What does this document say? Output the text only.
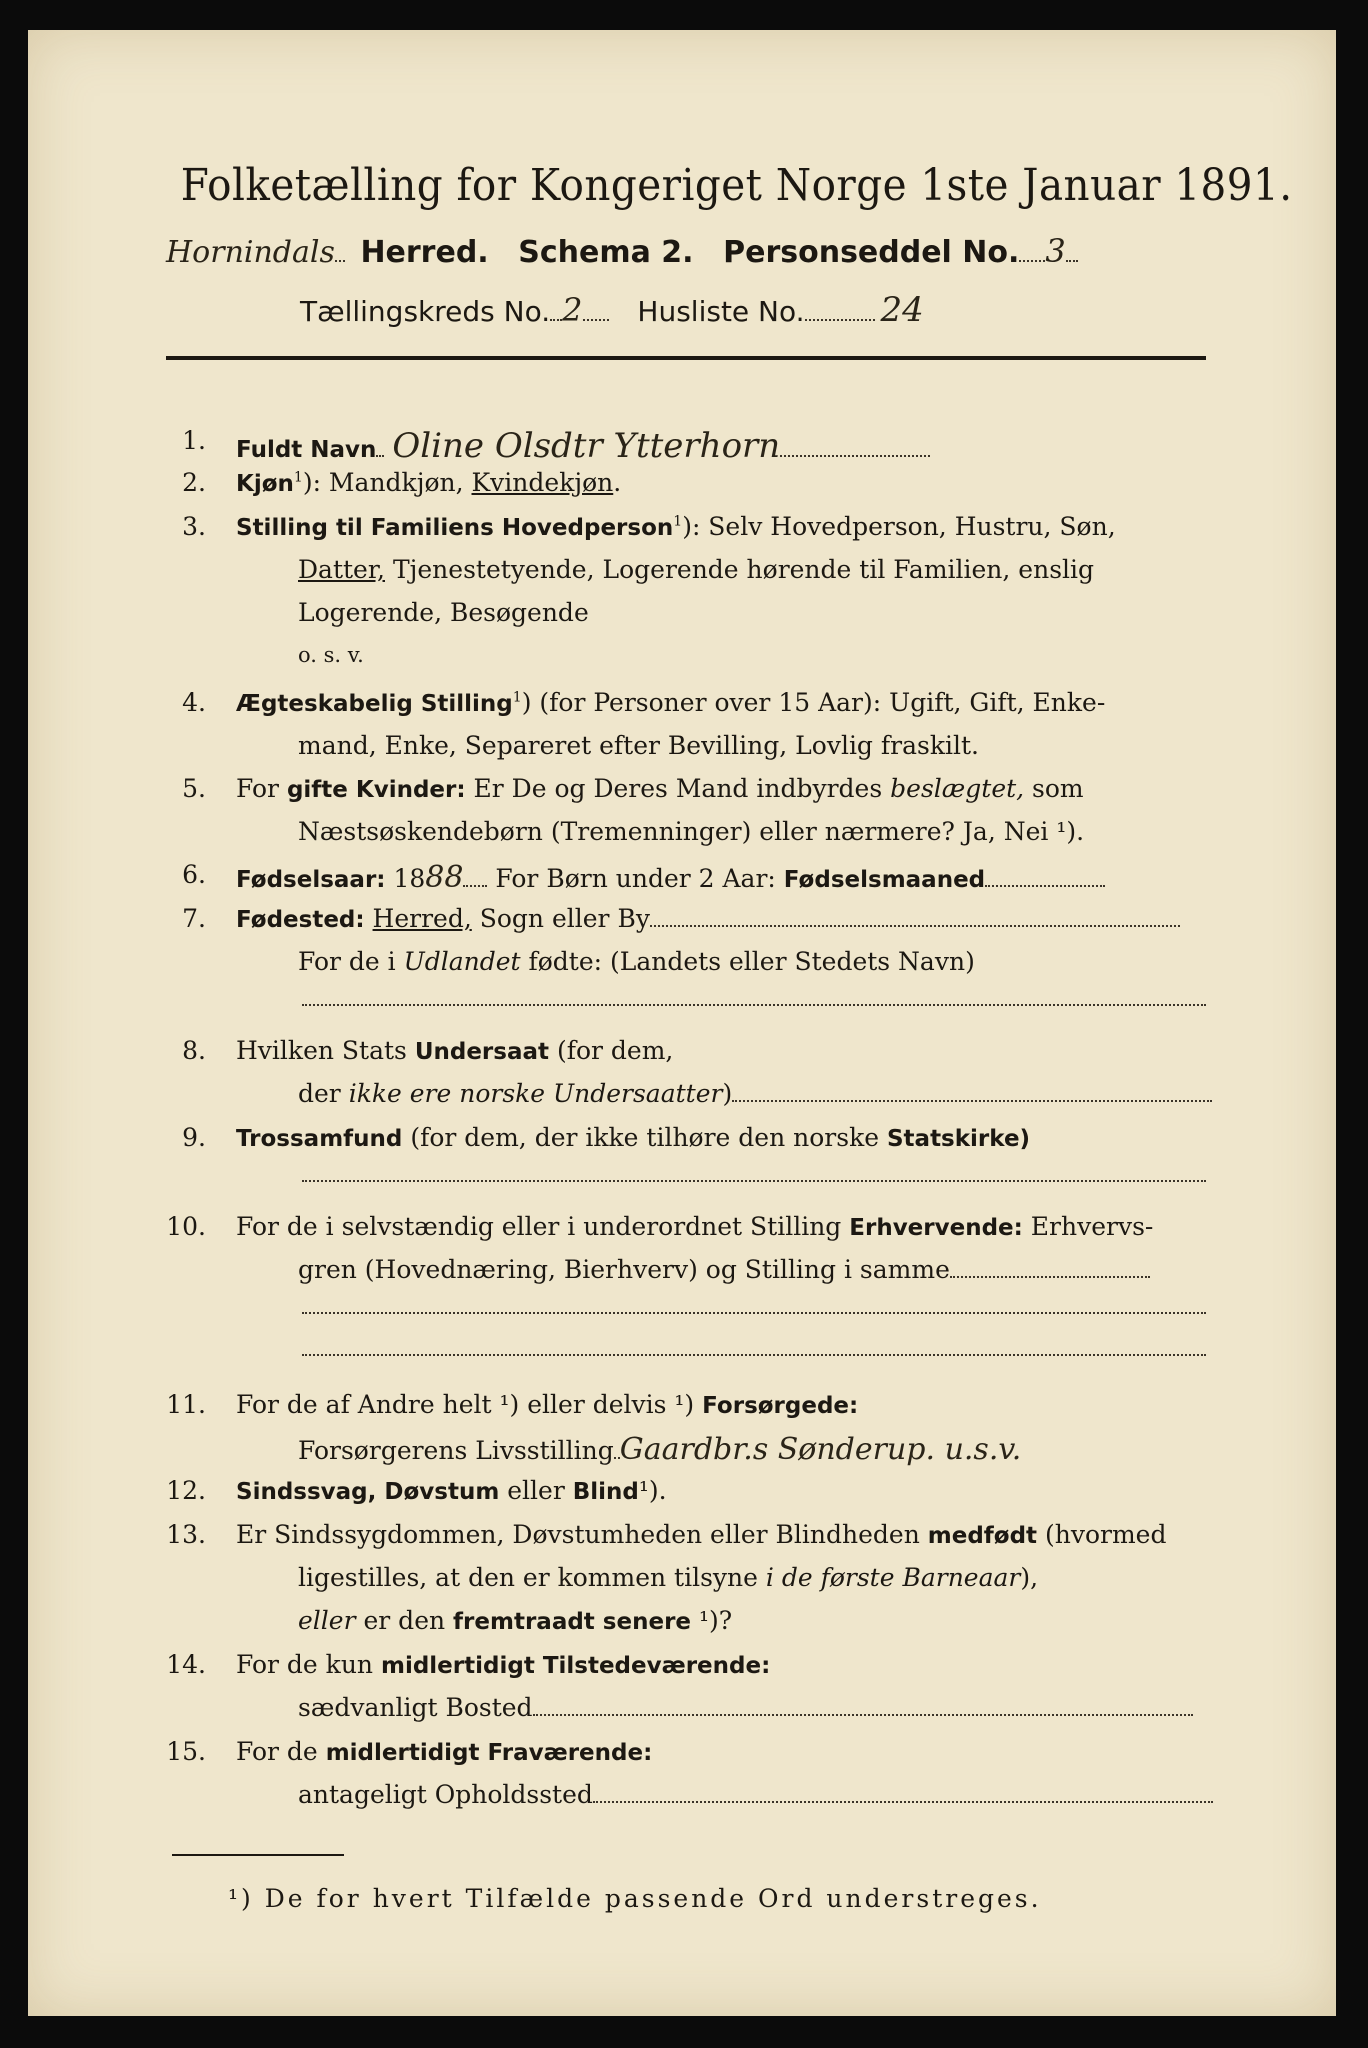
Folketælling for Kongeriget Norge 1ste Januar 1891.
Hornindals Herred. Schema 2. Personseddel No. 3
Tællingskreds No. 2 Husliste No. 24
1. Fuldt Navn Oline Olsdtr Ytterhorn
2. Kjøn$^1$): Mandkjøn, Kvindekjøn.
3. Stilling til Familiens Hovedperson$^1$): Selv Hovedperson, Hustru, Søn,
Datter, Tjenestetyende, Logerende hørende til Familien, enslig
Logerende, Besøgende
o. s. v.
4. Ægteskabelig Stilling$^1$) (for Personer over 15 Aar): Ugift, Gift, Enke-
mand, Enke, Separeret efter Bevilling, Lovlig fraskilt.
5. For gifte Kvinder: Er De og Deres Mand indbyrdes beslægtet, som
Næstsøskendebørn (Tremenninger) eller nærmere? Ja, Nei ¹).
6. Fødselsaar: 1888 For Børn under 2 Aar: Fødselsmaaned
7. Fødested: Herred, Sogn eller By
For de i Udlandet fødte: (Landets eller Stedets Navn)
8. Hvilken Stats Undersaat (for dem,
der ikke ere norske Undersaatter)
9. Trossamfund (for dem, der ikke tilhøre den norske Statskirke)
10. For de i selvstændig eller i underordnet Stilling Erhvervende: Erhvervs-
gren (Hovednæring, Bierhverv) og Stilling i samme
11. For de af Andre helt ¹) eller delvis ¹) Forsørgede:
Forsørgerens Livsstilling Gaardbr.s Sønderup. u.s.v.
12. Sindssvag, Døvstum eller Blind¹).
13. Er Sindssygdommen, Døvstumheden eller Blindheden medfødt (hvormed
ligestilles, at den er kommen tilsyne i de første Barneaar),
eller er den fremtraadt senere ¹)?
14. For de kun midlertidigt Tilstedeværende:
sædvanligt Bosted
15. For de midlertidigt Fraværende:
antageligt Opholdssted
¹) De for hvert Tilfælde passende Ord understreges.
